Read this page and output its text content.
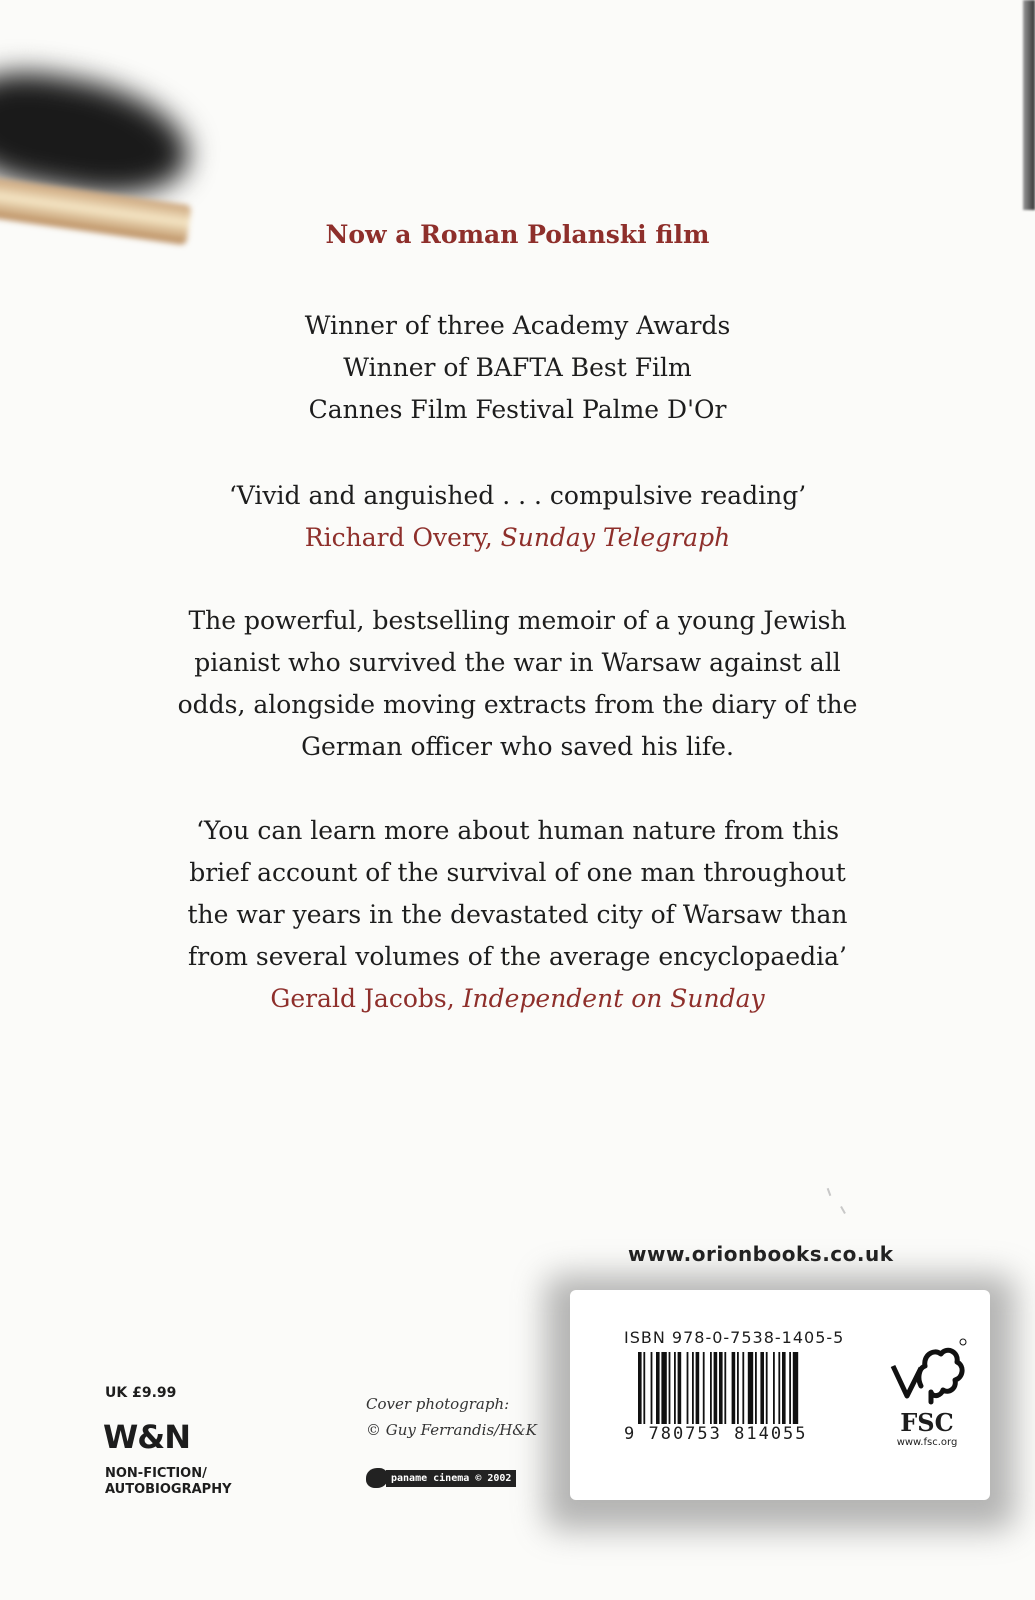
Now a Roman Polanski film
Winner of three Academy Awards
Winner of BAFTA Best Film
Cannes Film Festival Palme D'Or
‘Vivid and anguished . . . compulsive reading’
Richard Overy, Sunday Telegraph
The powerful, bestselling memoir of a young Jewish
pianist who survived the war in Warsaw against all
odds, alongside moving extracts from the diary of the
German officer who saved his life.
‘You can learn more about human nature from this
brief account of the survival of one man throughout
the war years in the devastated city of Warsaw than
from several volumes of the average encyclopaedia’
Gerald Jacobs, Independent on Sunday
www.orionbooks.co.uk
ISBN 978-0-7538-1405-5
9 780753 814055	FSC
www.fsc.org
UK £9.99
W&N
NON-FICTION/
AUTOBIOGRAPHY
Cover photograph:
© Guy Ferrandis/H&K
paname cinema © 2002
